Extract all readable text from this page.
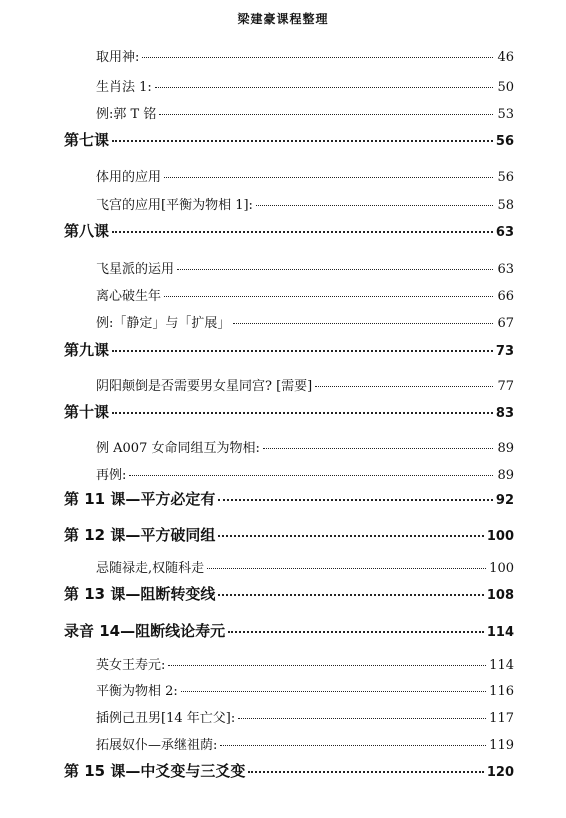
梁建豪课程整理
取用神:	46
生肖法 1:	50
例:郭 T 铭	53
第七课	56
体用的应用	56
飞宫的应用[平衡为物相 1]:	58
第八课	63
飞星派的运用	63
离心破生年	66
例:「静定」与「扩展」	67
第九课	73
阴阳颠倒是否需要男女星同宫? [需要]	77
第十课	83
例 A007 女命同组互为物相:	89
再例:	89
第 11 课—平方必定有	92
第 12 课—平方破同组	100
忌随禄走,权随科走	100
第 13 课—阻断转变线	108
录音 14—阻断线论寿元	114
英女王寿元:	114
平衡为物相 2:	116
插例己丑男[14 年亡父]:	117
拓展奴仆—承继祖荫:	119
第 15 课—中爻变与三爻变	120
